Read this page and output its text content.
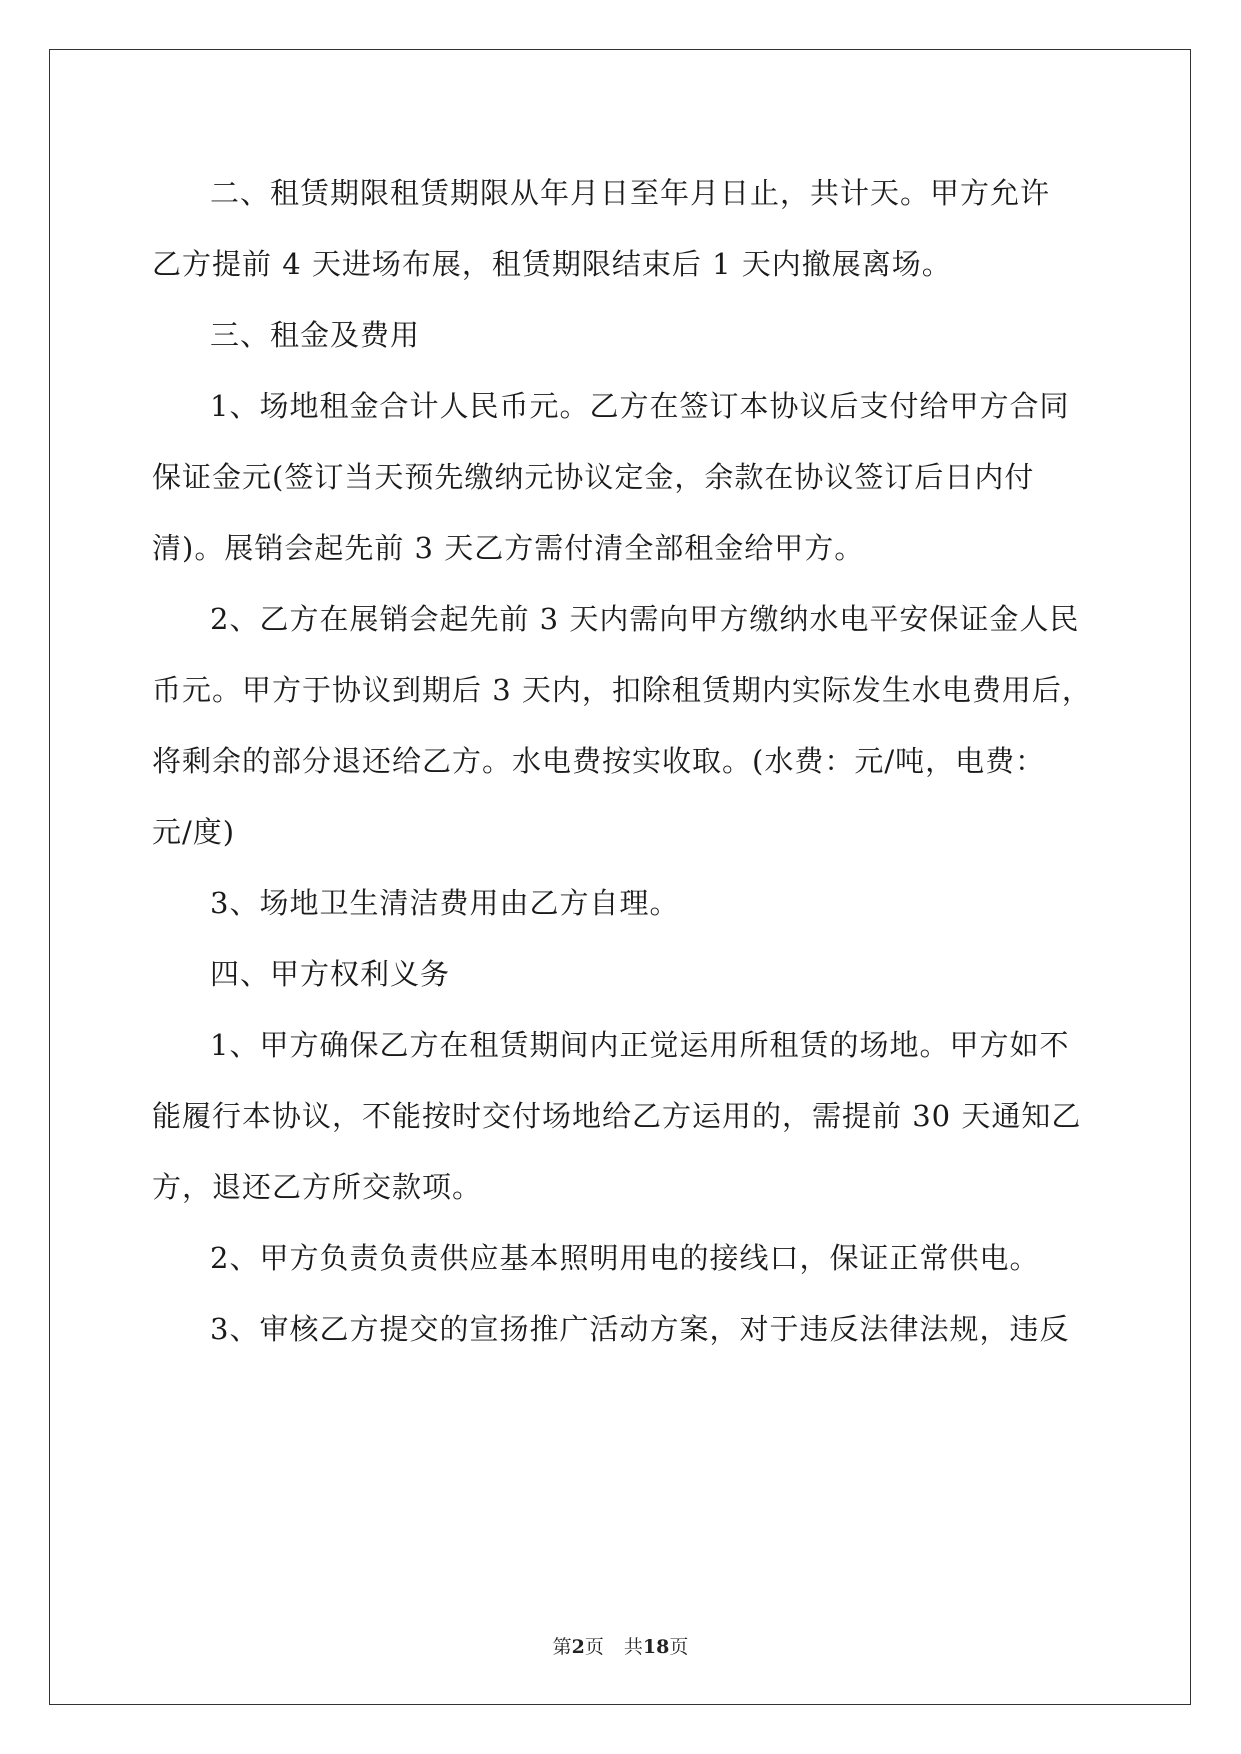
二、租赁期限租赁期限从年月日至年月日止，共计天。甲方允许
乙方提前 4 天进场布展，租赁期限结束后 1 天内撤展离场。
三、租金及费用
1、场地租金合计人民币元。乙方在签订本协议后支付给甲方合同
保证金元(签订当天预先缴纳元协议定金，余款在协议签订后日内付
清)。展销会起先前 3 天乙方需付清全部租金给甲方。
2、乙方在展销会起先前 3 天内需向甲方缴纳水电平安保证金人民
币元。甲方于协议到期后 3 天内，扣除租赁期内实际发生水电费用后，
将剩余的部分退还给乙方。水电费按实收取。(水费：元/吨，电费：
元/度)
3、场地卫生清洁费用由乙方自理。
四、甲方权利义务
1、甲方确保乙方在租赁期间内正觉运用所租赁的场地。甲方如不
能履行本协议，不能按时交付场地给乙方运用的，需提前 30 天通知乙
方，退还乙方所交款项。
2、甲方负责负责供应基本照明用电的接线口，保证正常供电。
3、审核乙方提交的宣扬推广活动方案，对于违反法律法规，违反
第2页 共18页
